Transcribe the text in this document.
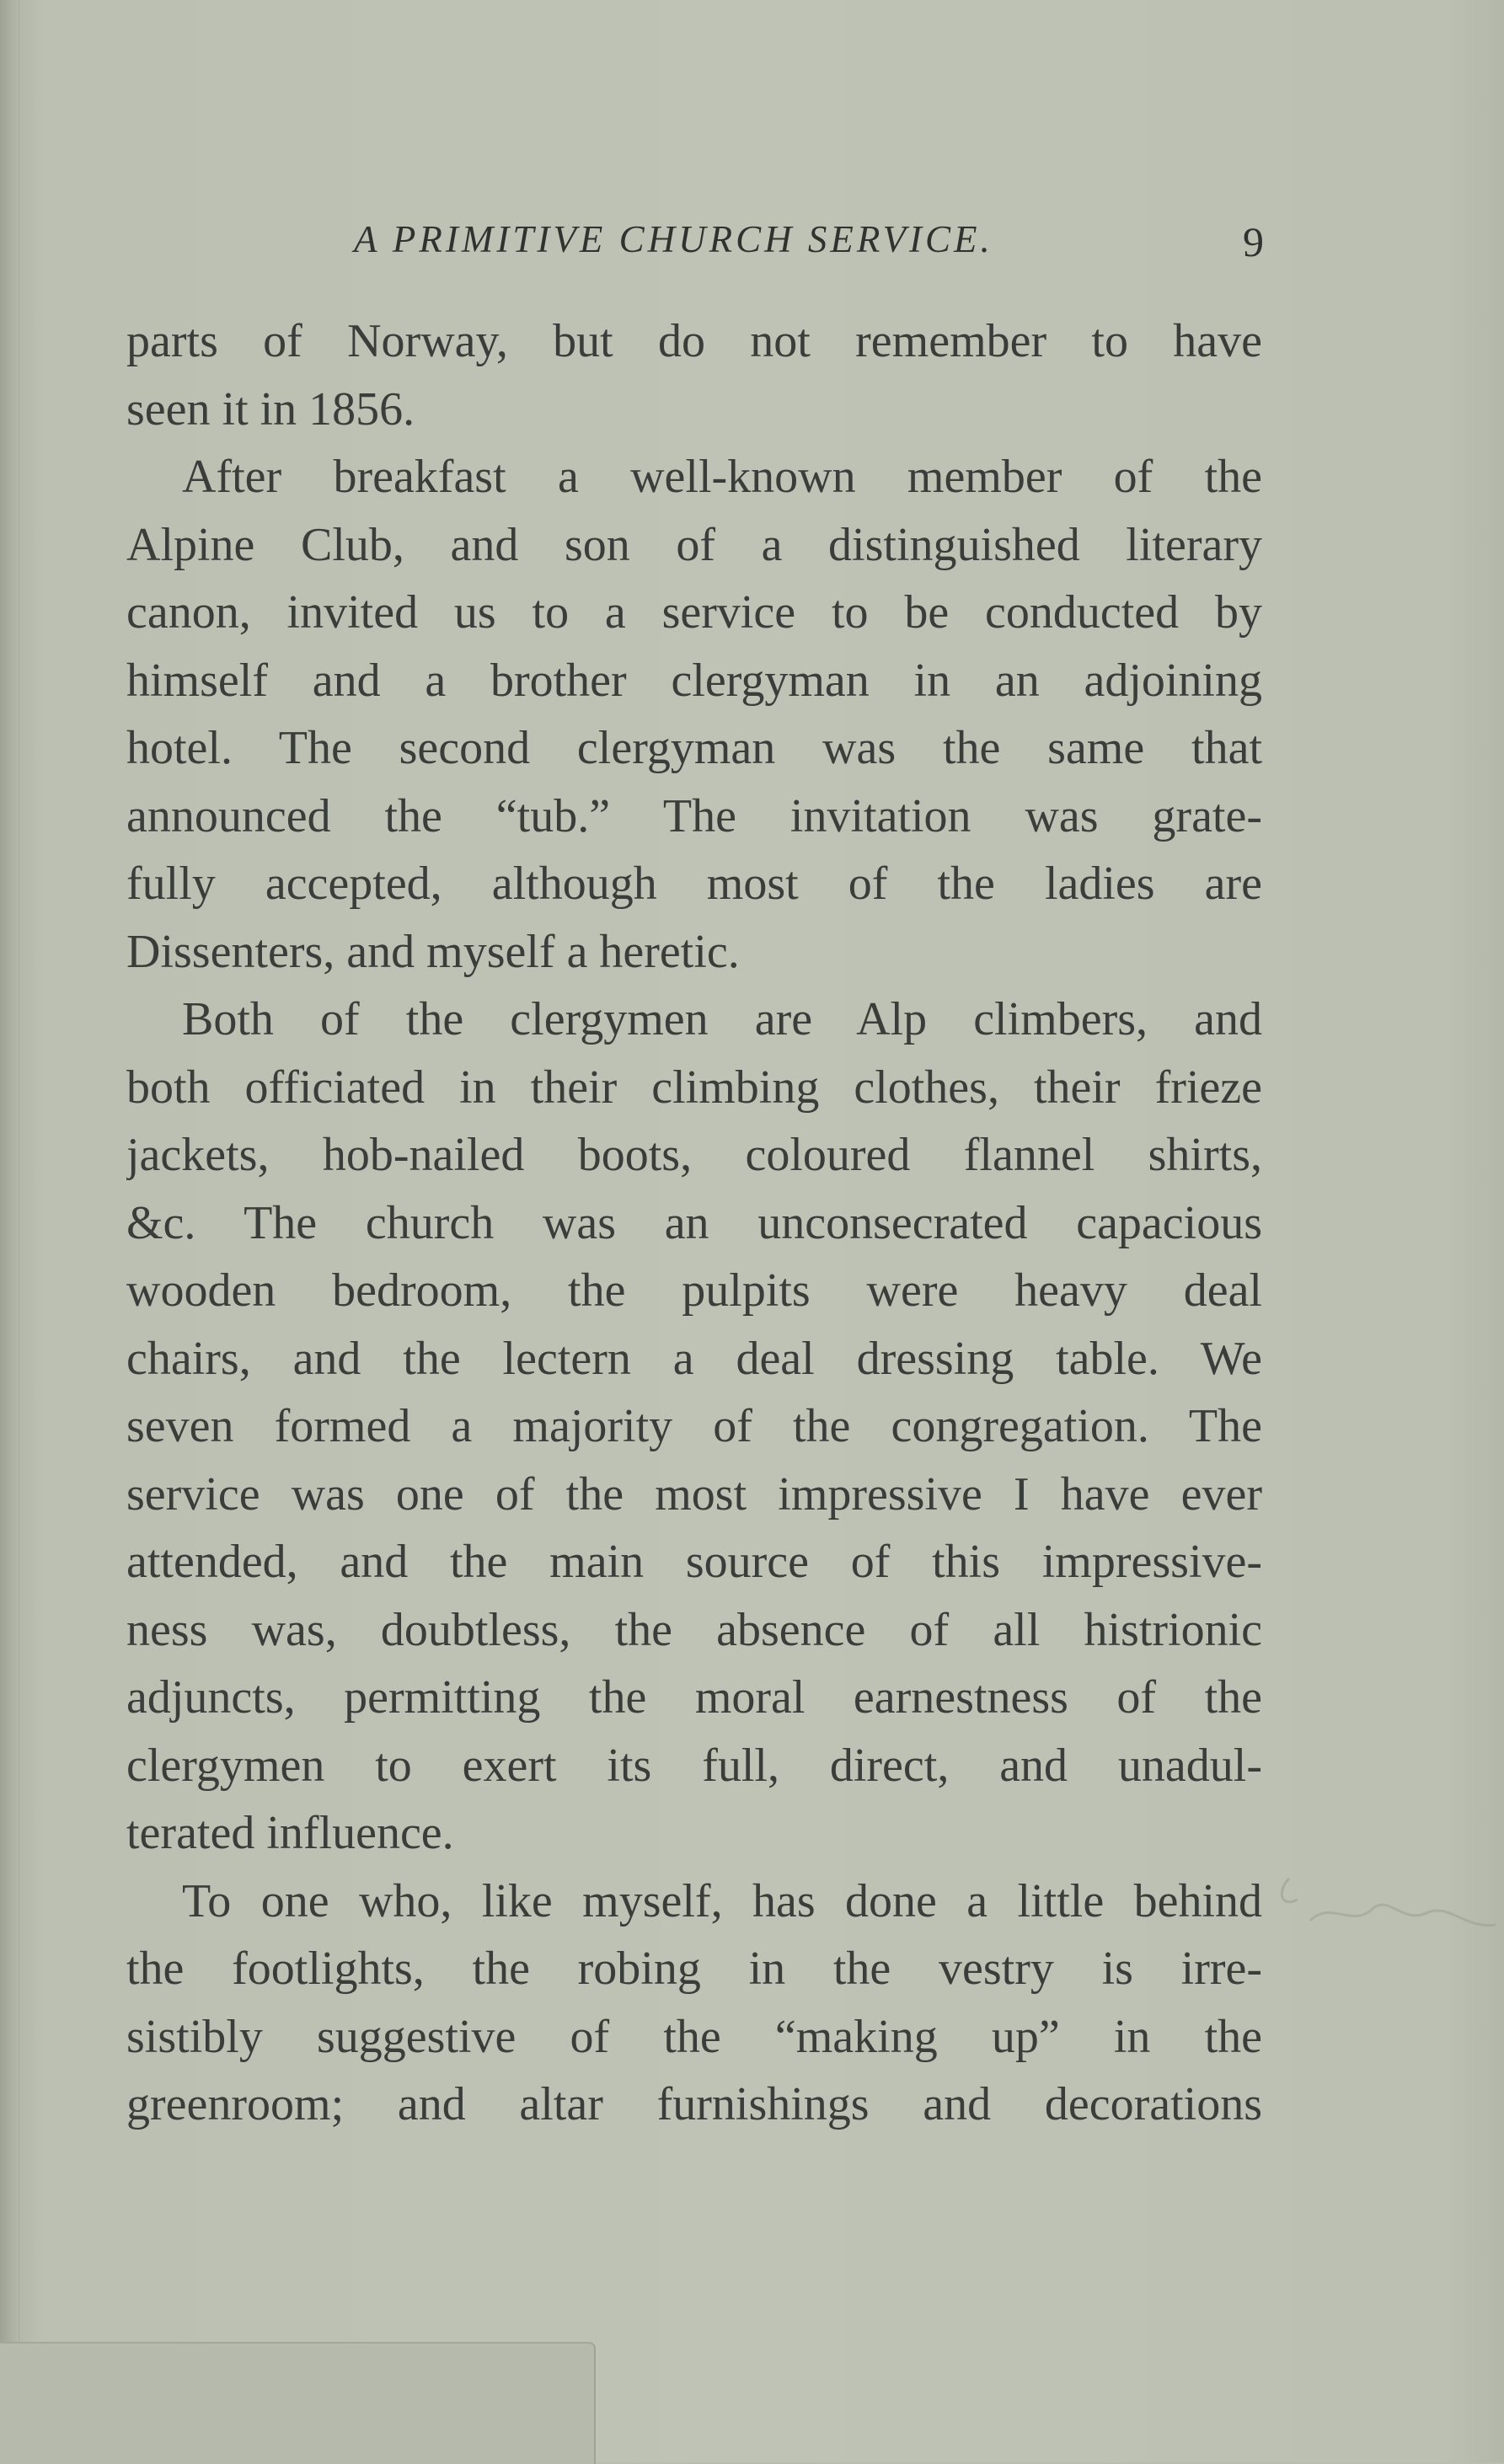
A PRIMITIVE CHURCH SERVICE.	9
parts of Norway, but do not remember to have
seen it in 1856.
After breakfast a well-known member of the
Alpine Club, and son of a distinguished literary
canon, invited us to a service to be conducted by
himself and a brother clergyman in an adjoining
hotel. The second clergyman was the same that
announced the “tub.” The invitation was grate-
fully accepted, although most of the ladies are
Dissenters, and myself a heretic.
Both of the clergymen are Alp climbers, and
both officiated in their climbing clothes, their frieze
jackets, hob-nailed boots, coloured flannel shirts,
&c. The church was an unconsecrated capacious
wooden bedroom, the pulpits were heavy deal
chairs, and the lectern a deal dressing table. We
seven formed a majority of the congregation. The
service was one of the most impressive I have ever
attended, and the main source of this impressive-
ness was, doubtless, the absence of all histrionic
adjuncts, permitting the moral earnestness of the
clergymen to exert its full, direct, and unadul-
terated influence.
To one who, like myself, has done a little behind
the footlights, the robing in the vestry is irre-
sistibly suggestive of the “making up” in the
greenroom; and altar furnishings and decorations
